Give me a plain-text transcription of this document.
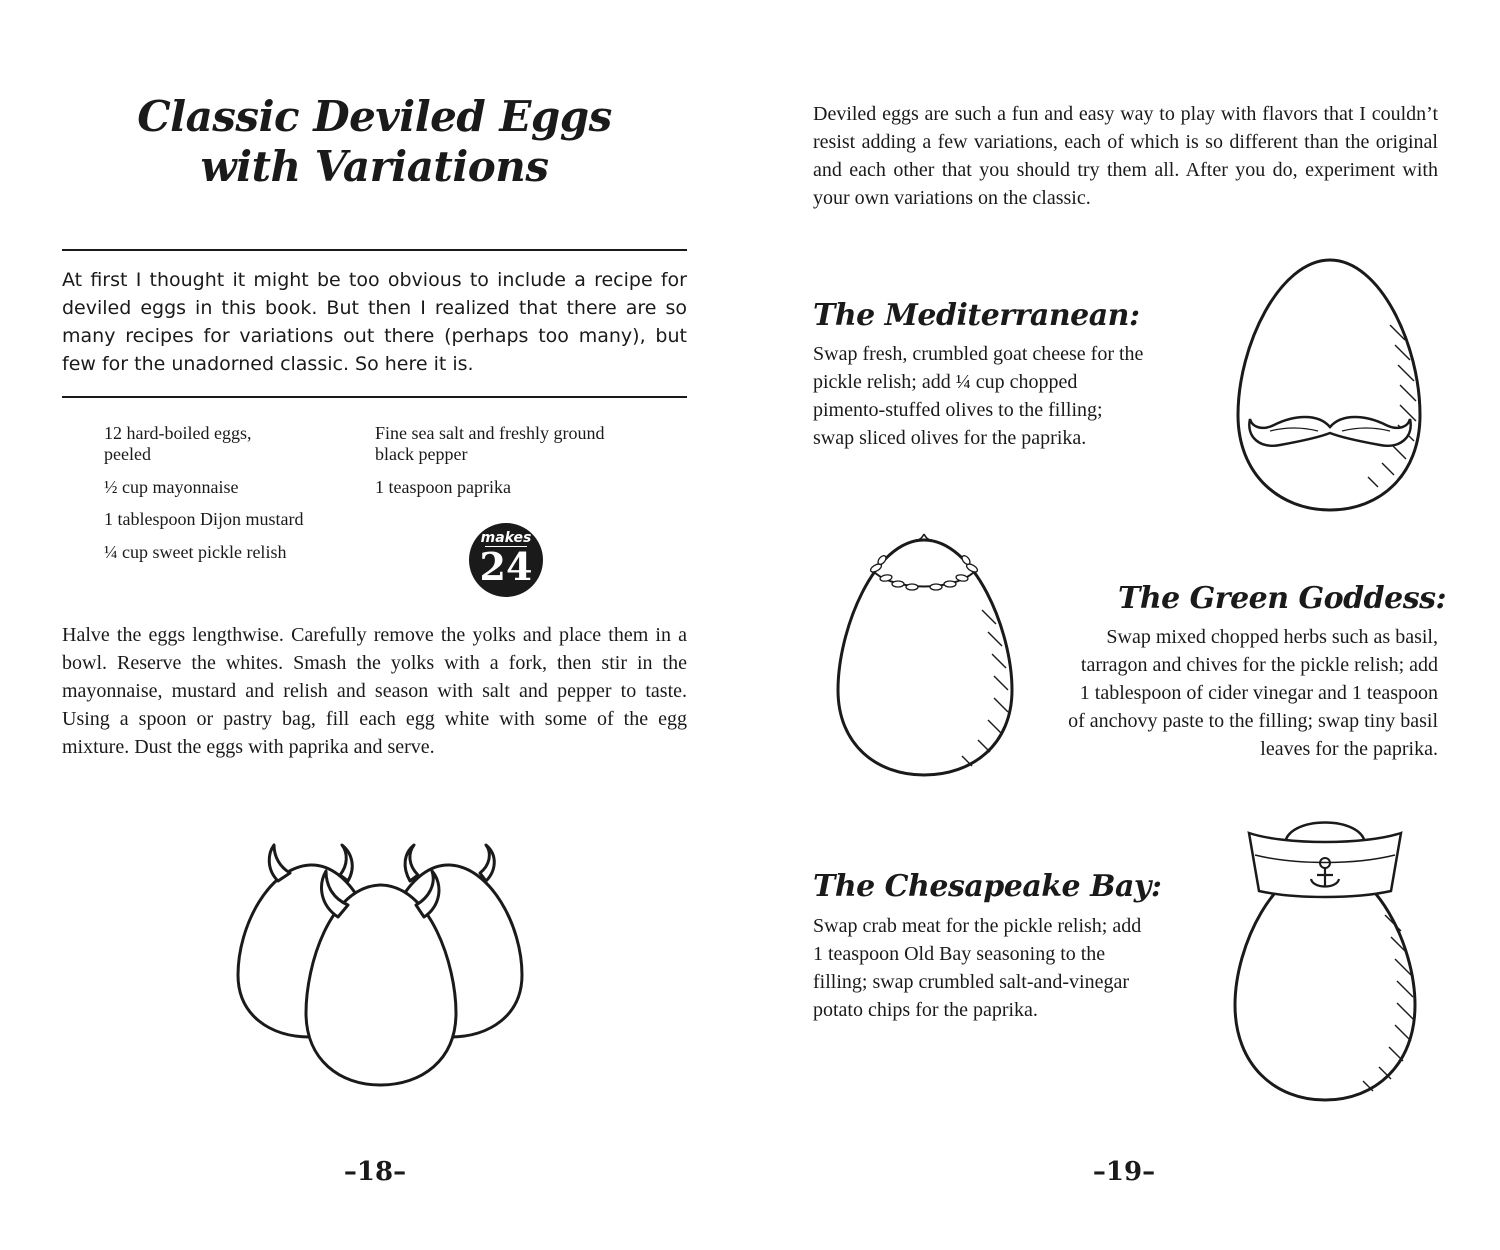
Classic Deviled Eggs
with Variations

At first I thought it might be too obvious to include a recipe for deviled eggs in this book. But then I realized that there are so many recipes for variations out there (perhaps too many), but few for the unadorned classic. So here it is.

12 hard-boiled eggs, peeled
½ cup mayonnaise
1 tablespoon Dijon mustard
¼ cup sweet pickle relish
Fine sea salt and freshly ground black pepper
1 teaspoon paprika
makes
24

Halve the eggs lengthwise. Carefully remove the yolks and place them in a bowl. Reserve the whites. Smash the yolks with a fork, then stir in the mayonnaise, mustard and relish and season with salt and pepper to taste. Using a spoon or pastry bag, fill each egg white with some of the egg mixture. Dust the eggs with paprika and serve.

–18–

Deviled eggs are such a fun and easy way to play with flavors that I couldn’t resist adding a few variations, each of which is so different than the original and each other that you should try them all. After you do, experiment with your own variations on the classic.

The Mediterranean:

Swap fresh, crumbled goat cheese for the pickle relish; add ¼ cup chopped pimento-stuffed olives to the filling; swap sliced olives for the paprika.

The Green Goddess:

Swap mixed chopped herbs such as basil, tarragon and chives for the pickle relish; add 1 tablespoon of cider vinegar and 1 teaspoon of anchovy paste to the filling; swap tiny basil leaves for the paprika.

The Chesapeake Bay:

Swap crab meat for the pickle relish; add 1 teaspoon Old Bay seasoning to the filling; swap crumbled salt-and-vinegar potato chips for the paprika.

–19–
